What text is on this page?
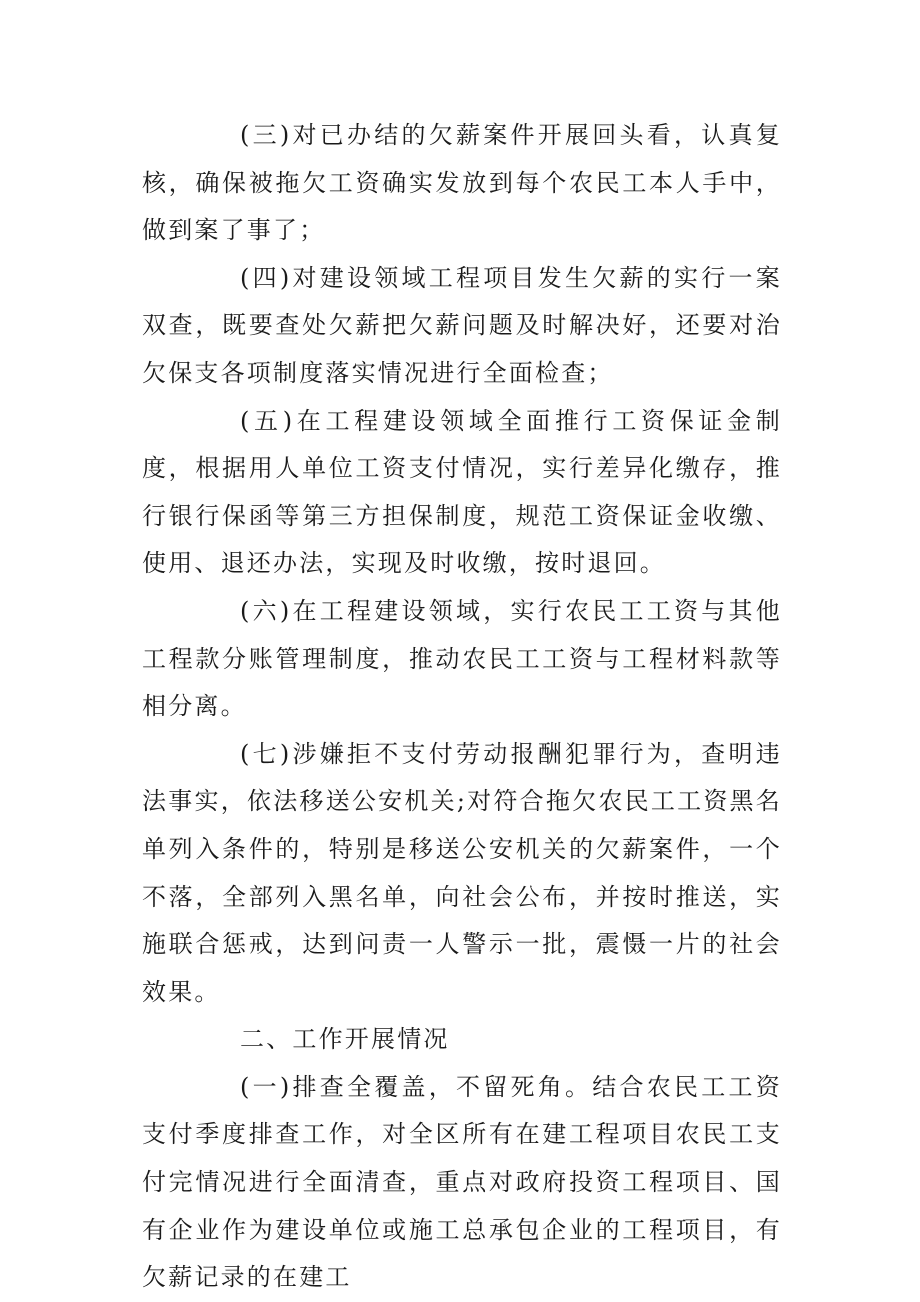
(三)对已办结的欠薪案件开展回头看，认真复核，确保被拖欠工资确实发放到每个农民工本人手中，做到案了事了；

(四)对建设领域工程项目发生欠薪的实行一案双查，既要查处欠薪把欠薪问题及时解决好，还要对治欠保支各项制度落实情况进行全面检查；

(五)在工程建设领域全面推行工资保证金制度，根据用人单位工资支付情况，实行差异化缴存，推行银行保函等第三方担保制度，规范工资保证金收缴、使用、退还办法，实现及时收缴，按时退回。

(六)在工程建设领域，实行农民工工资与其他工程款分账管理制度，推动农民工工资与工程材料款等相分离。

(七)涉嫌拒不支付劳动报酬犯罪行为，查明违法事实，依法移送公安机关;对符合拖欠农民工工资黑名单列入条件的，特别是移送公安机关的欠薪案件，一个不落，全部列入黑名单，向社会公布，并按时推送，实施联合惩戒，达到问责一人警示一批，震慑一片的社会效果。

二、工作开展情况

(一)排查全覆盖，不留死角。结合农民工工资支付季度排查工作，对全区所有在建工程项目农民工支付完情况进行全面清查，重点对政府投资工程项目、国有企业作为建设单位或施工总承包企业的工程项目，有欠薪记录的在建工
